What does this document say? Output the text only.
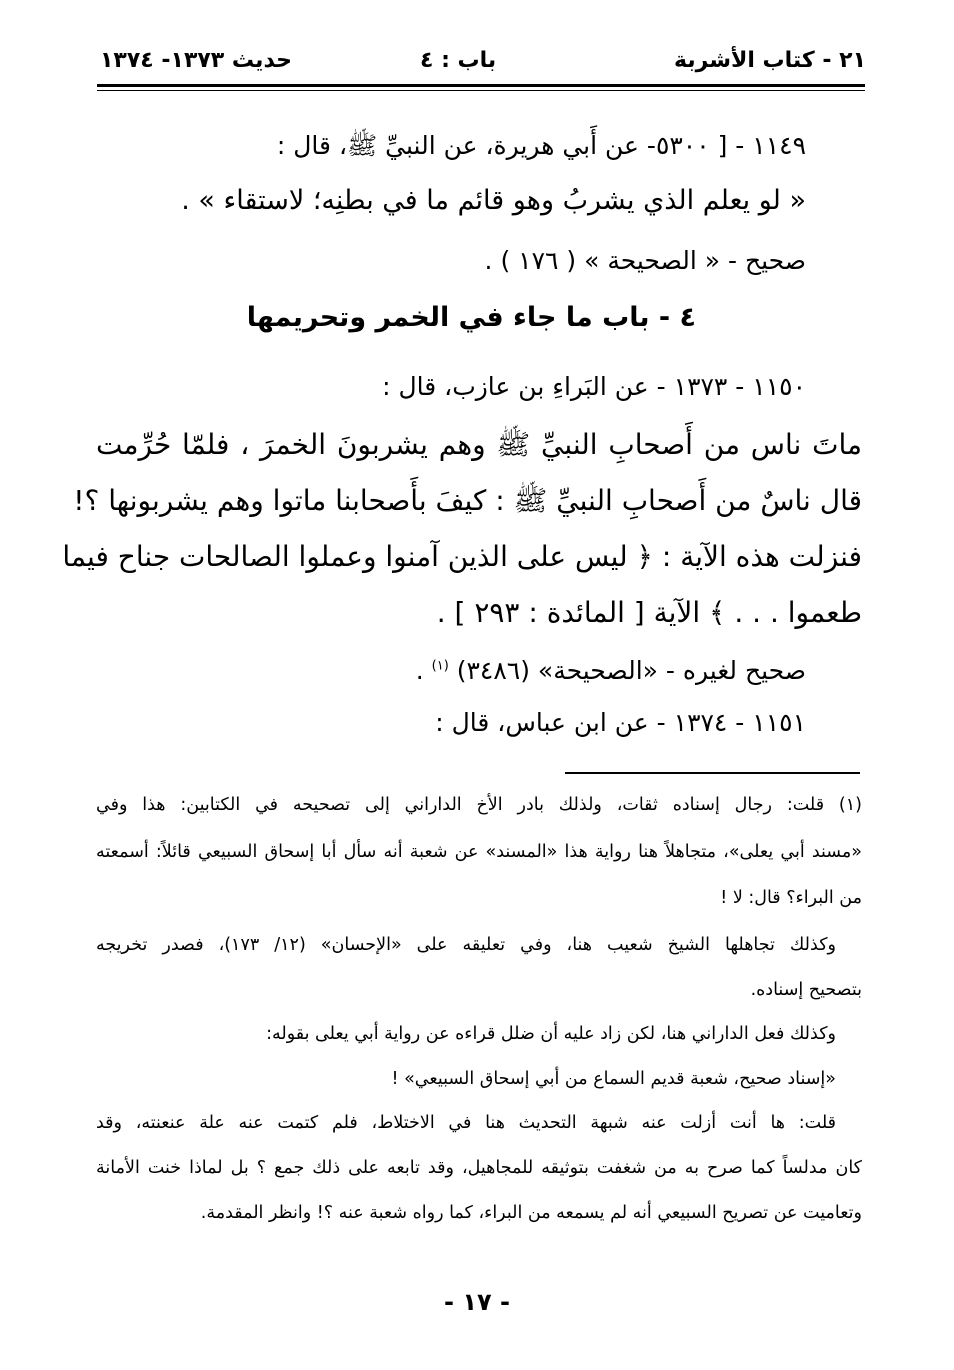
٢١ - كتاب الأشربة
باب : ٤
حديث ١٣٧٣- ١٣٧٤
١١٤٩ - [ ٥٣٠٠- عن أَبي هريرة، عن النبيِّ ﷺ، قال :
« لو يعلم الذي يشربُ وهو قائم ما في بطنِه؛ لاستقاء » .
صحيح - « الصحيحة » ( ١٧٦ ) .
٤ - باب ما جاء في الخمر وتحريمها
١١٥٠ - ١٣٧٣ - عن البَراءِ بن عازب، قال :
ماتَ ناس من أَصحابِ النبيِّ ﷺ وهم يشربونَ الخمرَ ، فلمّا حُرِّمت
قال ناسٌ من أَصحابِ النبيِّ ﷺ : كيفَ بأَصحابنا ماتوا وهم يشربونها ؟!
فنزلت هذه الآية : ﴿ ليس على الذين آمنوا وعملوا الصالحات جناح فيما
طعموا . . . ﴾ الآية [ المائدة : ٢٩٣ ] .
صحيح لغيره - «الصحيحة» (٣٤٨٦) $^{(١)}$ .
١١٥١ - ١٣٧٤ - عن ابن عباس، قال :
(١) قلت: رجال إسناده ثقات، ولذلك بادر الأخ الداراني إلى تصحيحه في الكتابين: هذا وفي
«مسند أبي يعلى»، متجاهلاً هنا رواية هذا «المسند» عن شعبة أنه سأل أبا إسحاق السبيعي قائلاً: أسمعته
من البراء؟ قال: لا !
وكذلك تجاهلها الشيخ شعيب هنا، وفي تعليقه على «الإحسان» (١٢/ ١٧٣)، فصدر تخريجه
بتصحيح إسناده.
وكذلك فعل الداراني هنا، لكن زاد عليه أن ضلل قراءه عن رواية أبي يعلى بقوله:
«إسناد صحيح، شعبة قديم السماع من أبي إسحاق السبيعي» !
قلت: ها أنت أزلت عنه شبهة التحديث هنا في الاختلاط، فلم كتمت عنه علة عنعنته، وقد
كان مدلساً كما صرح به من شغفت بتوثيقه للمجاهيل، وقد تابعه على ذلك جمع ؟ بل لماذا خنت الأمانة
وتعاميت عن تصريح السبيعي أنه لم يسمعه من البراء، كما رواه شعبة عنه ؟! وانظر المقدمة.
- ١٧ -
